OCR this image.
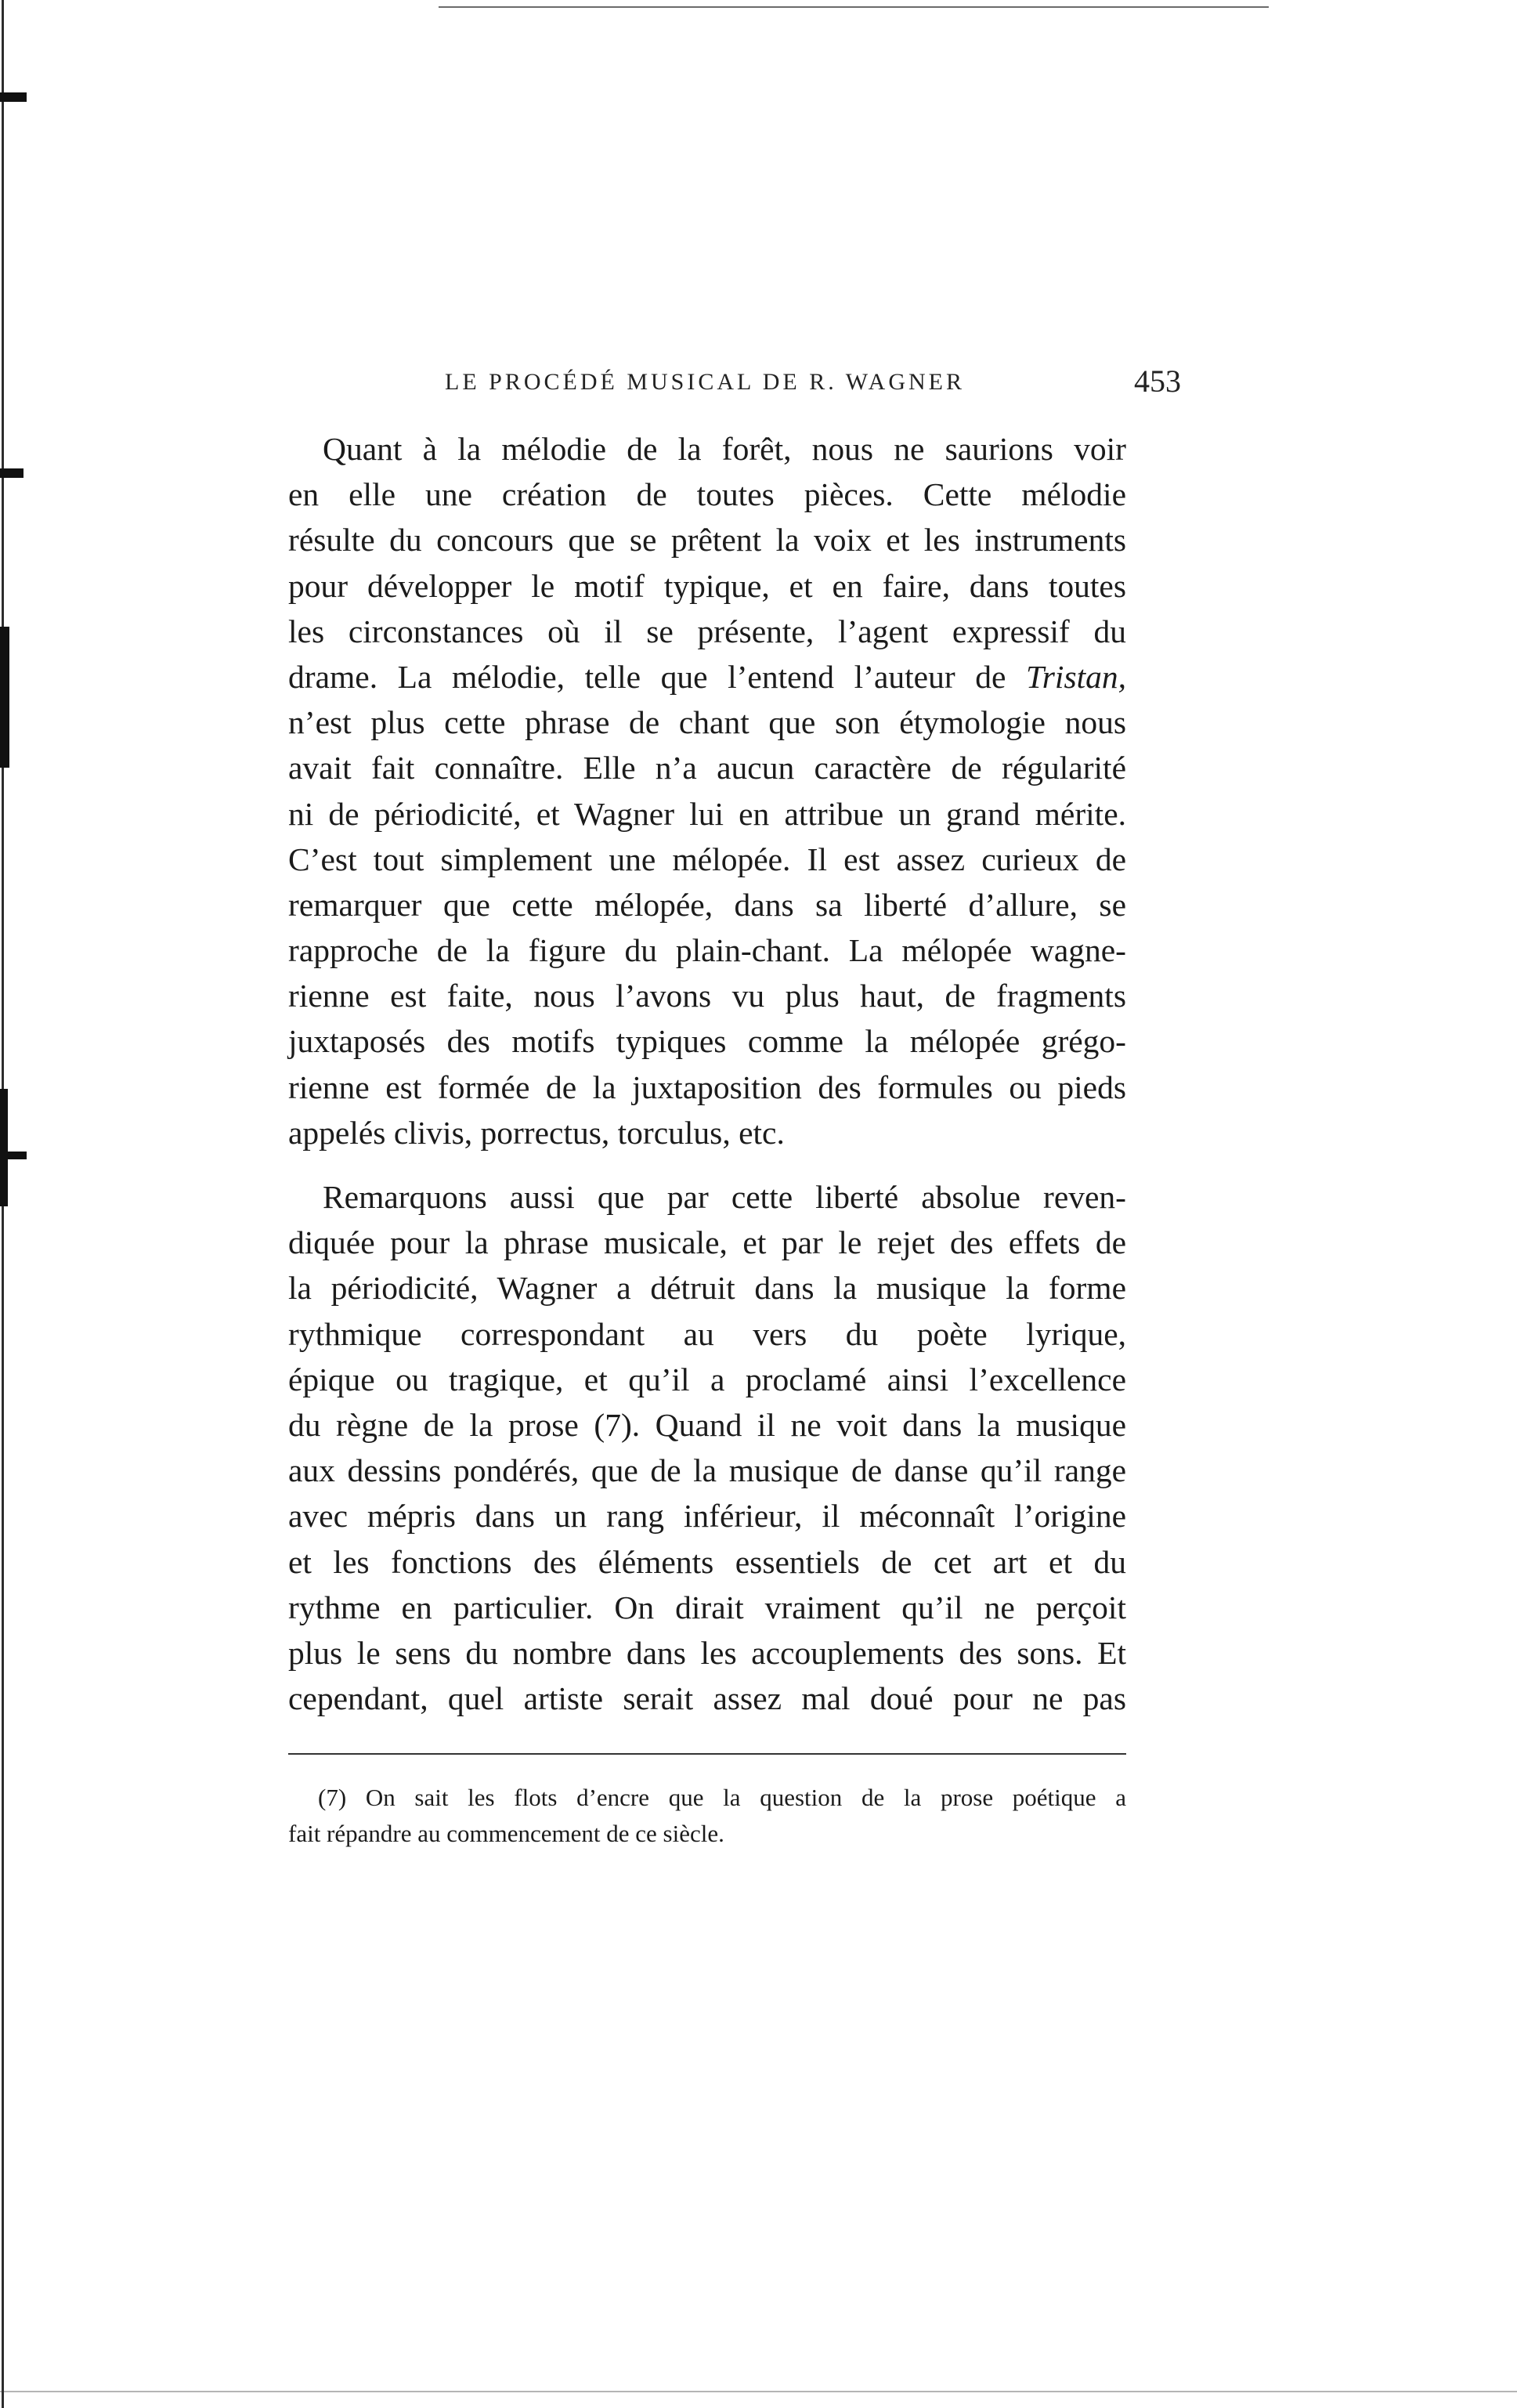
LE PROCÉDÉ MUSICAL DE R. WAGNER	453
Quant à la mélodie de la forêt, nous ne saurions voir
en elle une création de toutes pièces. Cette mélodie
résulte du concours que se prêtent la voix et les instruments
pour développer le motif typique, et en faire, dans toutes
les circonstances où il se présente, l’agent expressif du
drame. La mélodie, telle que l’entend l’auteur de Tristan,
n’est plus cette phrase de chant que son étymologie nous
avait fait connaître. Elle n’a aucun caractère de régularité
ni de périodicité, et Wagner lui en attribue un grand mérite.
C’est tout simplement une mélopée. Il est assez curieux de
remarquer que cette mélopée, dans sa liberté d’allure, se
rapproche de la figure du plain-chant. La mélopée wagne-
rienne est faite, nous l’avons vu plus haut, de fragments
juxtaposés des motifs typiques comme la mélopée grégo-
rienne est formée de la juxtaposition des formules ou pieds
appelés clivis, porrectus, torculus, etc.
Remarquons aussi que par cette liberté absolue reven-
diquée pour la phrase musicale, et par le rejet des effets de
la périodicité, Wagner a détruit dans la musique la forme
rythmique correspondant au vers du poète lyrique,
épique ou tragique, et qu’il a proclamé ainsi l’excellence
du règne de la prose (7). Quand il ne voit dans la musique
aux dessins pondérés, que de la musique de danse qu’il range
avec mépris dans un rang inférieur, il méconnaît l’origine
et les fonctions des éléments essentiels de cet art et du
rythme en particulier. On dirait vraiment qu’il ne perçoit
plus le sens du nombre dans les accouplements des sons. Et
cependant, quel artiste serait assez mal doué pour ne pas
(7) On sait les flots d’encre que la question de la prose poétique a
fait répandre au commencement de ce siècle.
